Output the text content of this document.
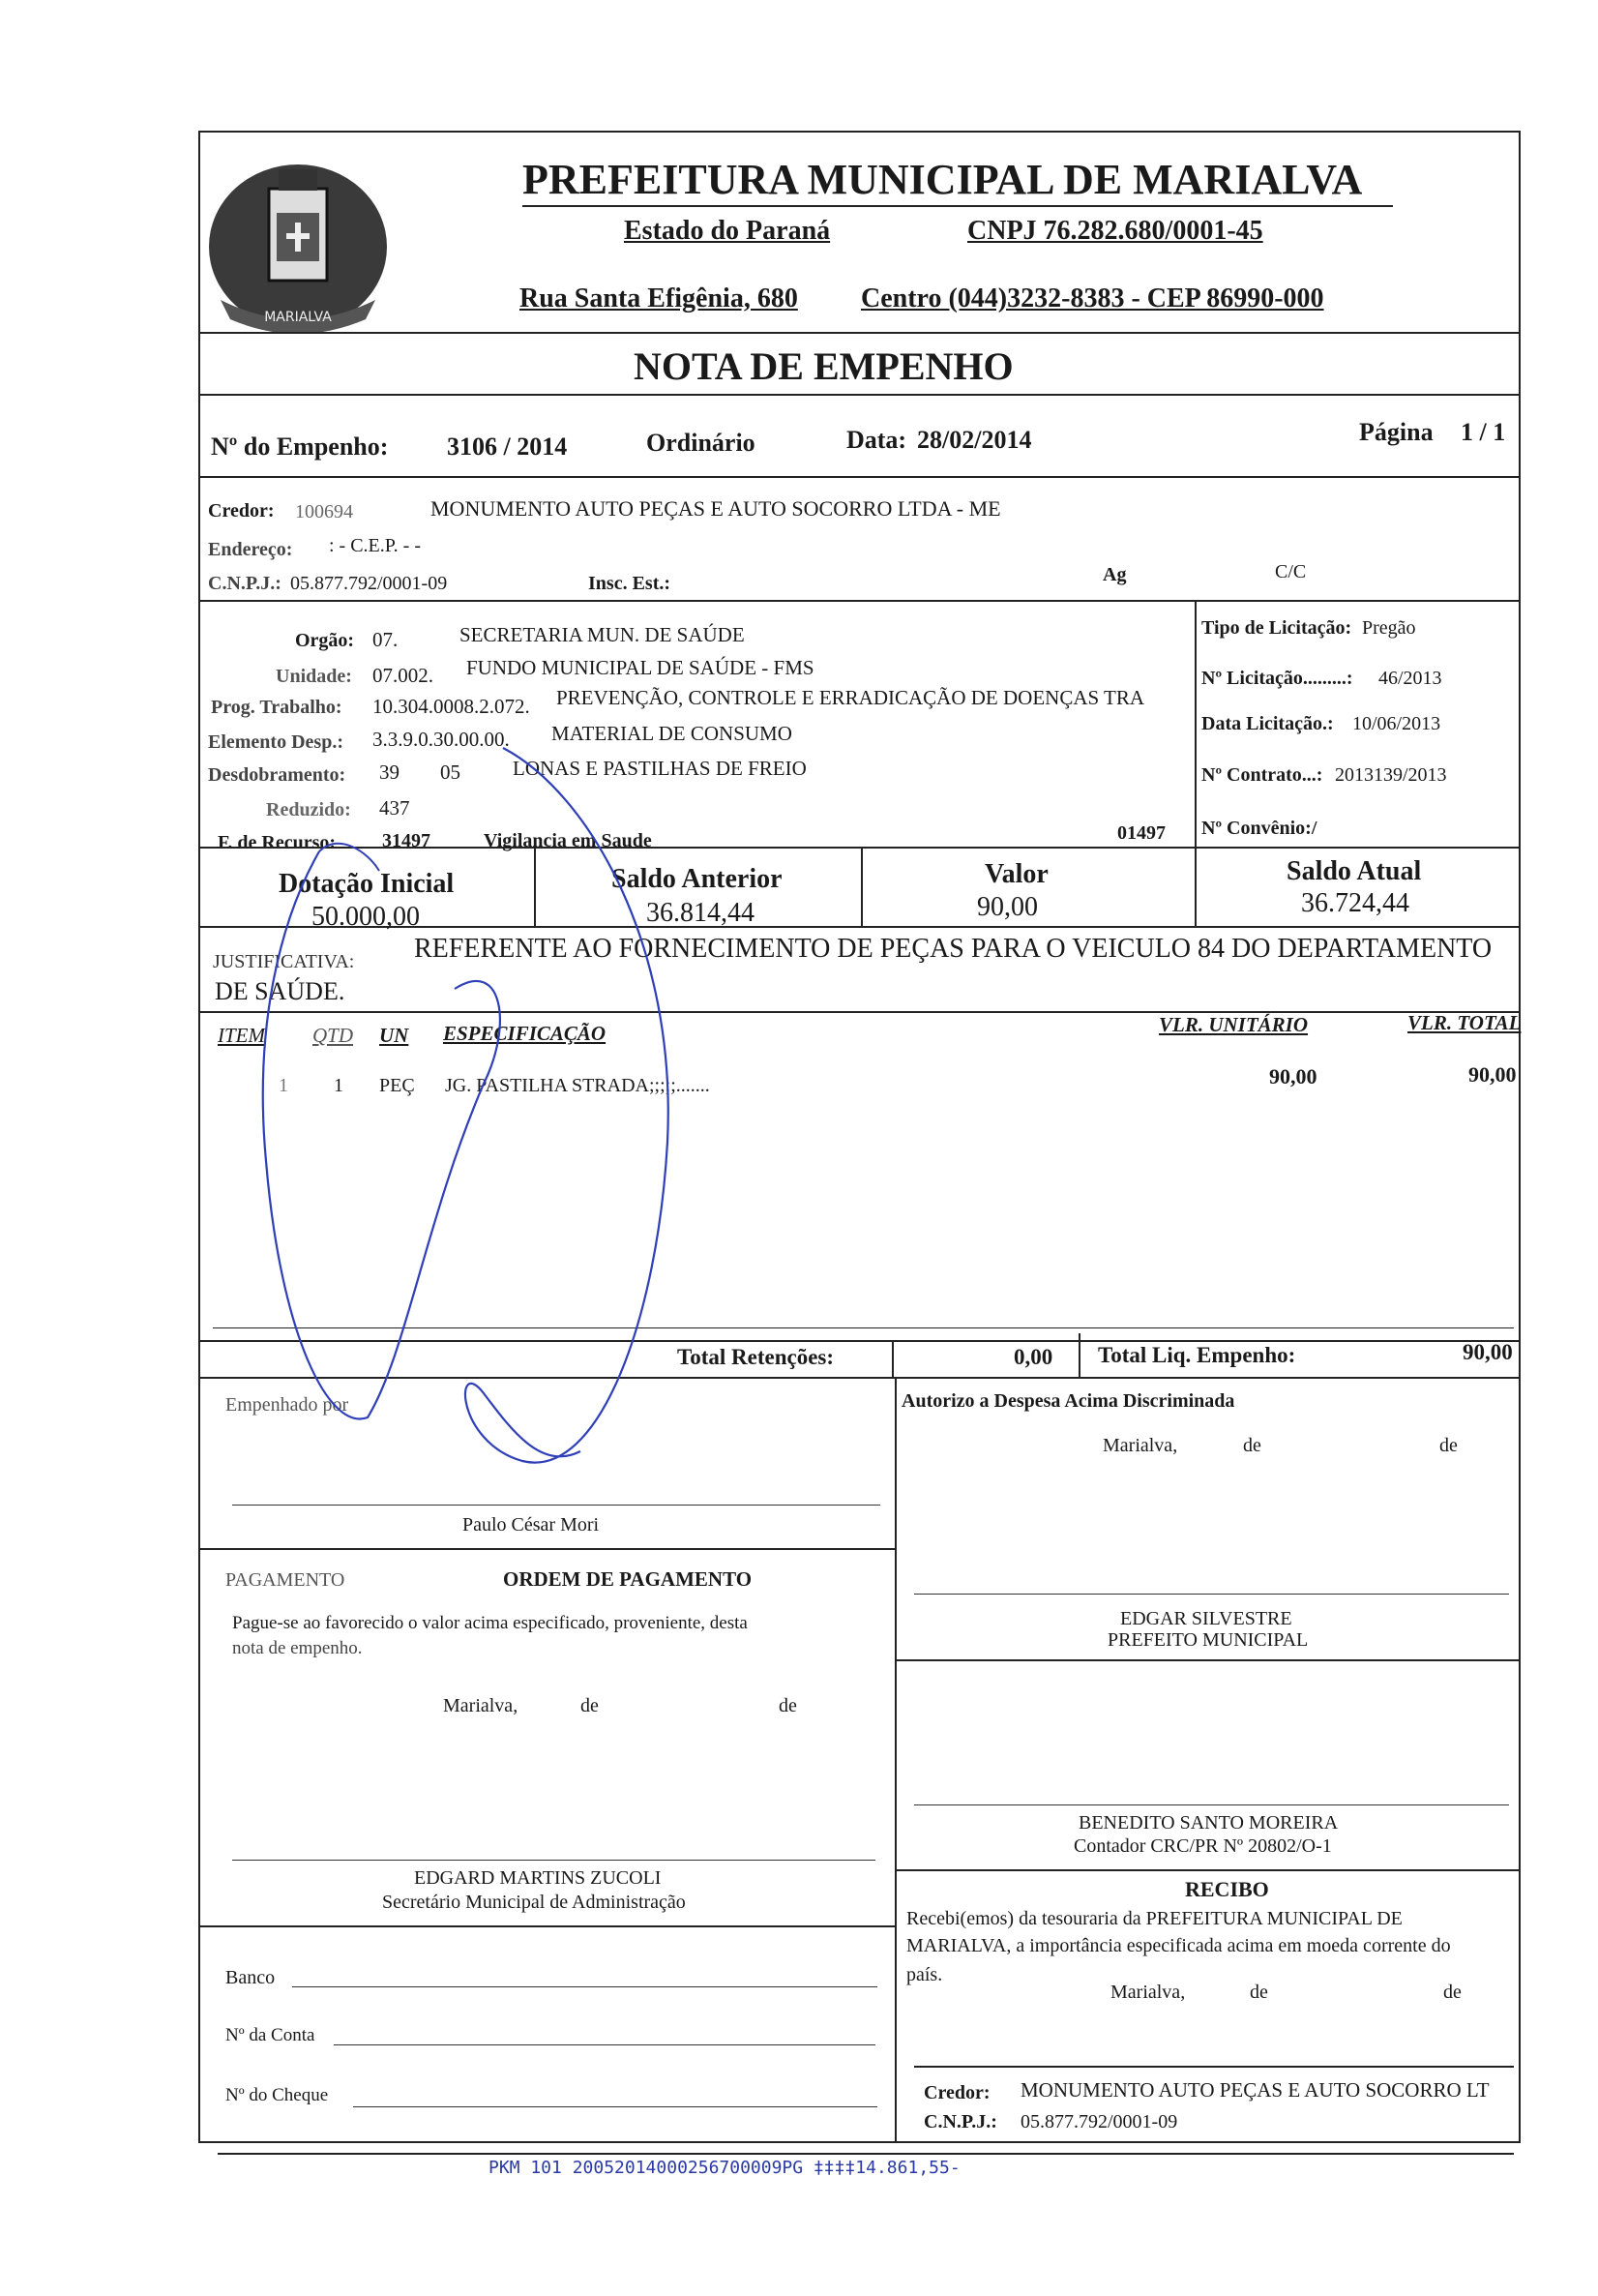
MARIALVA
PREFEITURA MUNICIPAL DE MARIALVA
Estado do Paraná	CNPJ 76.282.680/0001-45
Rua Santa Efigênia, 680 Centro (044)3232-8383 - CEP 86990-000
NOTA DE EMPENHO
Nº do Empenho: 3106 / 2014	Ordinário	Data: 28/02/2014	Página 1 / 1
Credor: 100694	MONUMENTO AUTO PEÇAS E AUTO SOCORRO LTDA - ME
Endereço: : - C.E.P. - -
C.N.P.J.: 05.877.792/0001-09	Insc. Est.:	Ag	C/C
Orgão: 07.	SECRETARIA MUN. DE SAÚDE
Unidade: 07.002. FUNDO MUNICIPAL DE SAÚDE - FMS
Prog. Trabalho: 10.304.0008.2.072. PREVENÇÃO, CONTROLE E ERRADICAÇÃO DE DOENÇAS TRA
Elemento Desp.: 3.3.9.0.30.00.00. MATERIAL DE CONSUMO
Desdobramento: 39 05	LONAS E PASTILHAS DE FREIO
Reduzido: 437
F. de Recurso: 31497	Vigilancia em Saude	01497
Tipo de Licitação: Pregão
Nº Licitação.........: 46/2013
Data Licitação.: 10/06/2013
Nº Contrato...: 2013139/2013
Nº Convênio:/
Dotação Inicial
50.000,00
Saldo Anterior
36.814,44
Valor
90,00
Saldo Atual
36.724,44
JUSTIFICATIVA: REFERENTE AO FORNECIMENTO DE PEÇAS PARA O VEICULO 84 DO DEPARTAMENTO
DE SAÚDE.
ITEM QTD UN ESPECIFICAÇÃO	VLR. UNITÁRIO	VLR. TOTAL
1 1 PEÇ JG. PASTILHA STRADA;;;;;.......	90,00	90,00
Total Retenções:	0,00 Total Liq. Empenho:	90,00
Empenhado por	Autorizo a Despesa Acima Discriminada
Marialva,	de	de
Paulo César Mori
EDGAR SILVESTRE
PREFEITO MUNICIPAL
PAGAMENTO	ORDEM DE PAGAMENTO
Pague-se ao favorecido o valor acima especificado, proveniente, desta
nota de empenho.
Marialva,	de	de
BENEDITO SANTO MOREIRA
Contador CRC/PR Nº 20802/O-1
EDGARD MARTINS ZUCOLI
Secretário Municipal de Administração
RECIBO
Recebi(emos) da tesouraria da PREFEITURA MUNICIPAL DE
MARIALVA, a importância especificada acima em moeda corrente do
país.
Marialva,	de	de
Banco
Nº da Conta
Nº do Cheque	Credor: MONUMENTO AUTO PEÇAS E AUTO SOCORRO LT
C.N.P.J.: 05.877.792/0001-09
PKM 101 20052014000256700009PG ‡‡‡‡14.861,55-
